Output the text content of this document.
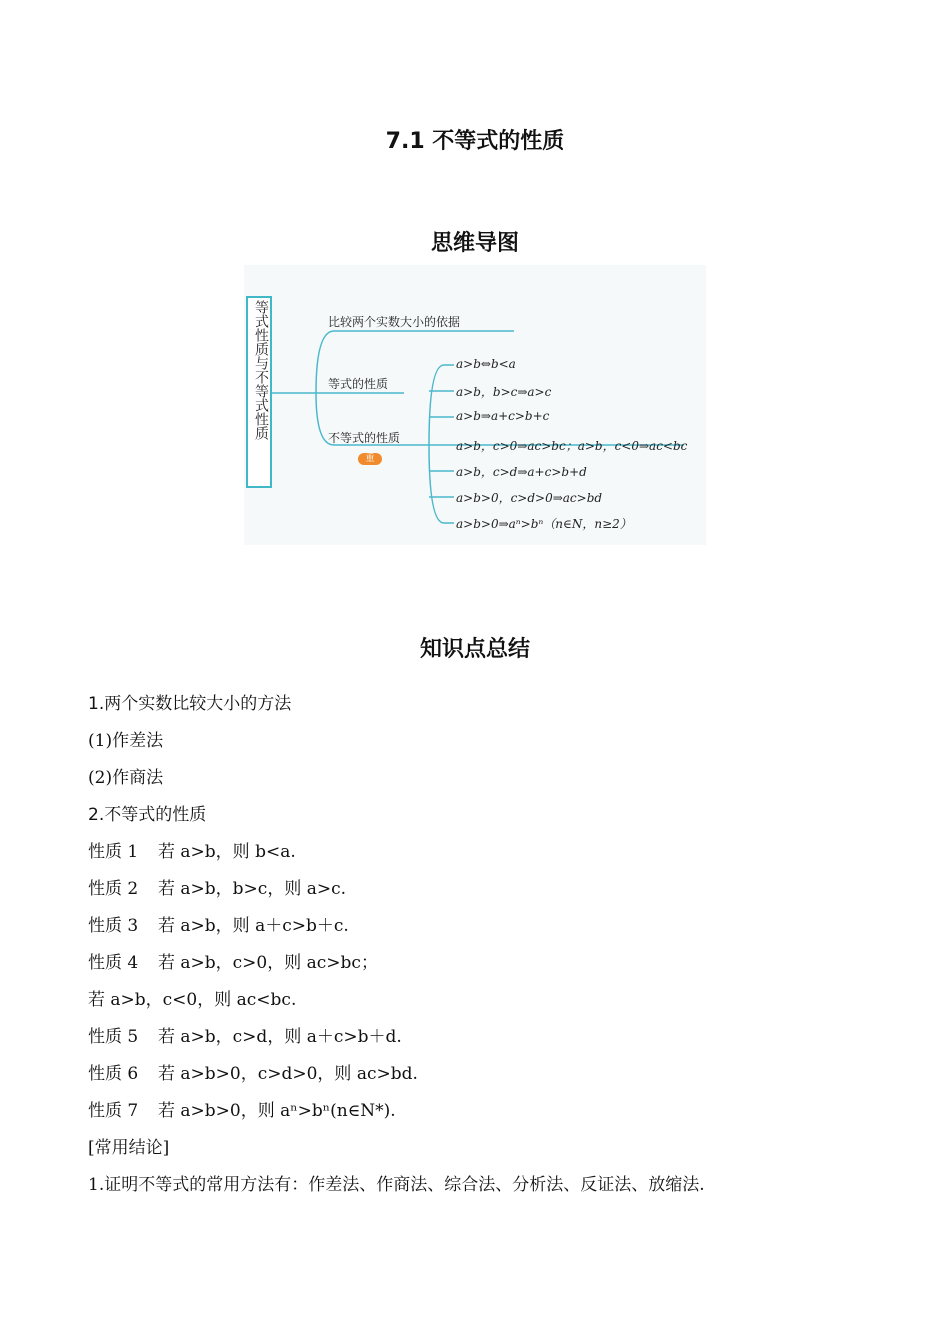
7.1 不等式的性质
思维导图
等式性质与不等式性质	比较两个实数大小的依据
等式的性质
不等式的性质
重
a>b⇔b<a
a>b，b>c⇒a>c
a>b⇒a+c>b+c
a>b，c>0⇒ac>bc；a>b，c<0⇒ac<bc
a>b，c>d⇒a+c>b+d
a>b>0，c>d>0⇒ac>bd
a>b>0⇒aⁿ>bⁿ（n∈N，n≥2）
知识点总结
1.两个实数比较大小的方法
(1)作差法
(2)作商法
2.不等式的性质
性质 1 若 a>b，则 b<a.
性质 2 若 a>b，b>c，则 a>c.
性质 3 若 a>b，则 a＋c>b＋c.
性质 4 若 a>b，c>0，则 ac>bc；
若 a>b，c<0，则 ac<bc.
性质 5 若 a>b，c>d，则 a＋c>b＋d.
性质 6 若 a>b>0，c>d>0，则 ac>bd.
性质 7 若 a>b>0，则 aⁿ>bⁿ(n∈N*).
[常用结论]
1.证明不等式的常用方法有：作差法、作商法、综合法、分析法、反证法、放缩法.
